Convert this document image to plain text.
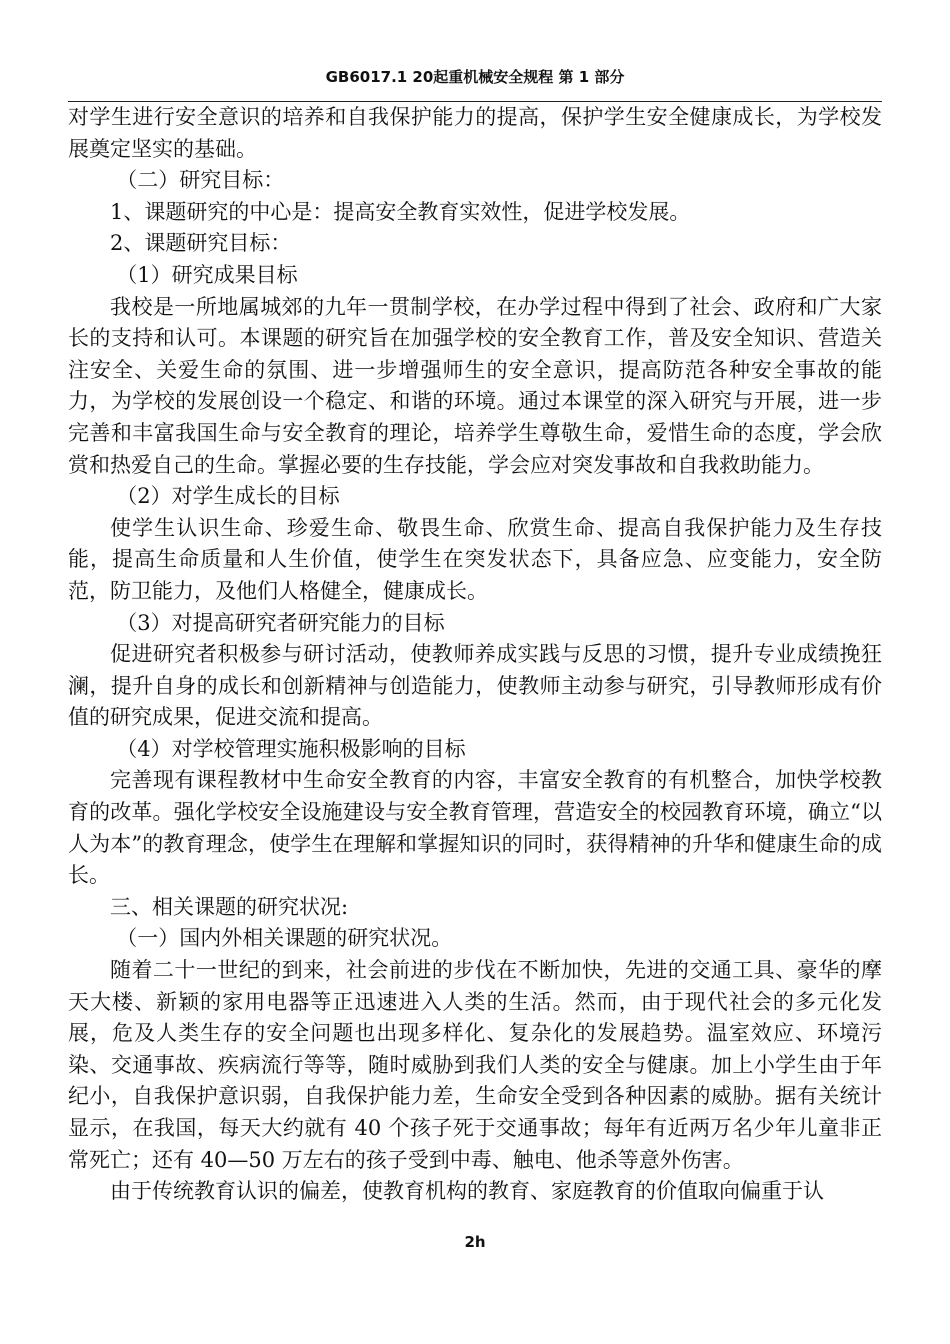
GB6017.1 20起重机械安全规程 第 1 部分

对学生进行安全意识的培养和自我保护能力的提高，保护学生安全健康成长，为学校发展奠定坚实的基础。

（二）研究目标：

1、课题研究的中心是：提高安全教育实效性，促进学校发展。

2、课题研究目标：

（1）研究成果目标

我校是一所地属城郊的九年一贯制学校，在办学过程中得到了社会、政府和广大家长的支持和认可。本课题的研究旨在加强学校的安全教育工作，普及安全知识、营造关注安全、关爱生命的氛围、进一步增强师生的安全意识，提高防范各种安全事故的能力，为学校的发展创设一个稳定、和谐的环境。通过本课堂的深入研究与开展，进一步完善和丰富我国生命与安全教育的理论，培养学生尊敬生命，爱惜生命的态度，学会欣赏和热爱自己的生命。掌握必要的生存技能，学会应对突发事故和自我救助能力。

（2）对学生成长的目标

使学生认识生命、珍爱生命、敬畏生命、欣赏生命、提高自我保护能力及生存技能，提高生命质量和人生价值，使学生在突发状态下，具备应急、应变能力，安全防范，防卫能力，及他们人格健全，健康成长。

（3）对提高研究者研究能力的目标

促进研究者积极参与研讨活动，使教师养成实践与反思的习惯，提升专业成绩挽狂澜，提升自身的成长和创新精神与创造能力，使教师主动参与研究，引导教师形成有价值的研究成果，促进交流和提高。

（4）对学校管理实施积极影响的目标

完善现有课程教材中生命安全教育的内容，丰富安全教育的有机整合，加快学校教育的改革。强化学校安全设施建设与安全教育管理，营造安全的校园教育环境，确立“以人为本”的教育理念，使学生在理解和掌握知识的同时，获得精神的升华和健康生命的成长。

三、相关课题的研究状况:

（一）国内外相关课题的研究状况。

随着二十一世纪的到来，社会前进的步伐在不断加快，先进的交通工具、豪华的摩天大楼、新颖的家用电器等正迅速进入人类的生活。然而，由于现代社会的多元化发展，危及人类生存的安全问题也出现多样化、复杂化的发展趋势。温室效应、环境污染、交通事故、疾病流行等等，随时威胁到我们人类的安全与健康。加上小学生由于年纪小，自我保护意识弱，自我保护能力差，生命安全受到各种因素的威胁。据有关统计显示，在我国，每天大约就有 40 个孩子死于交通事故；每年有近两万名少年儿童非正常死亡；还有 40—50 万左右的孩子受到中毒、触电、他杀等意外伤害。

由于传统教育认识的偏差，使教育机构的教育、家庭教育的价值取向偏重于认

2h
